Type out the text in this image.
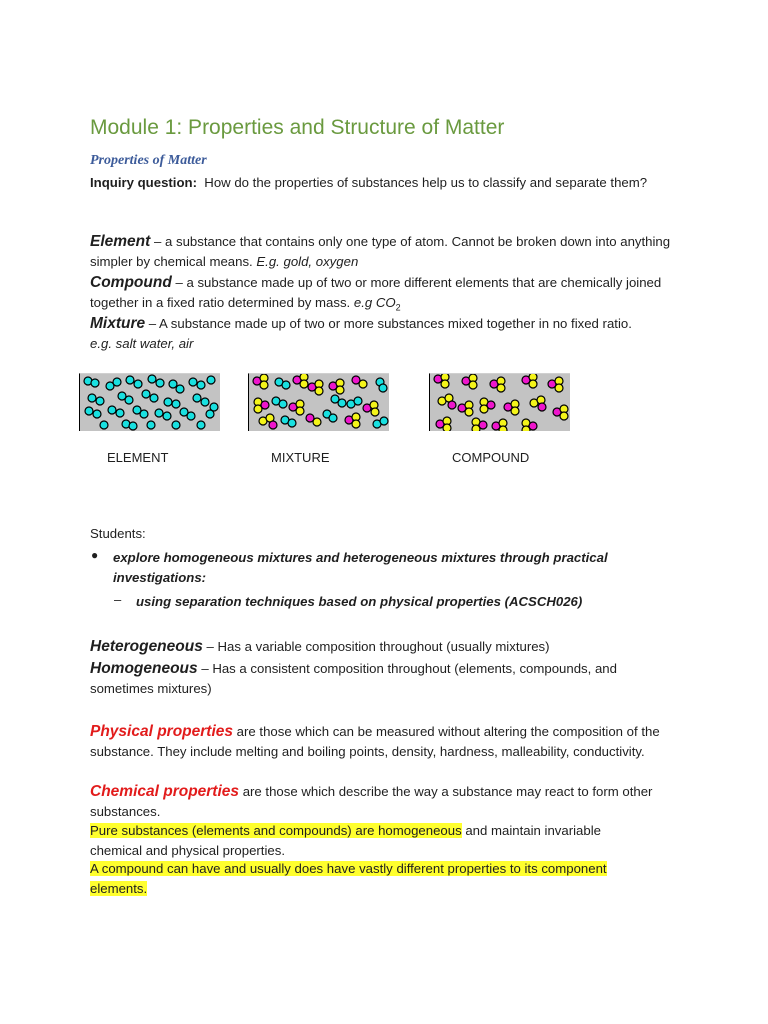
Module 1: Properties and Structure of Matter
Properties of Matter

Inquiry question: How do the properties of substances help us to classify and separate them?

Element – a substance that contains only one type of atom. Cannot be broken down into anything simpler by chemical means. E.g. gold, oxygen

Compound – a substance made up of two or more different elements that are chemically joined together in a fixed ratio determined by mass. e.g $CO_2$

Mixture – A substance made up of two or more substances mixed together in no fixed ratio.
e.g. salt water, air

ELEMENT	MIXTURE	COMPOUND

Students:

● explore homogeneous mixtures and heterogeneous mixtures through practical investigations:

– using separation techniques based on physical properties (ACSCH026)

Heterogeneous – Has a variable composition throughout (usually mixtures)

Homogeneous – Has a consistent composition throughout (elements, compounds, and sometimes mixtures)

Physical properties are those which can be measured without altering the composition of the substance. They include melting and boiling points, density, hardness, malleability, conductivity.

Chemical properties are those which describe the way a substance may react to form other substances.

Pure substances (elements and compounds) are homogeneous and maintain invariable chemical and physical properties.

A compound can have and usually does have vastly different properties to its component elements.
